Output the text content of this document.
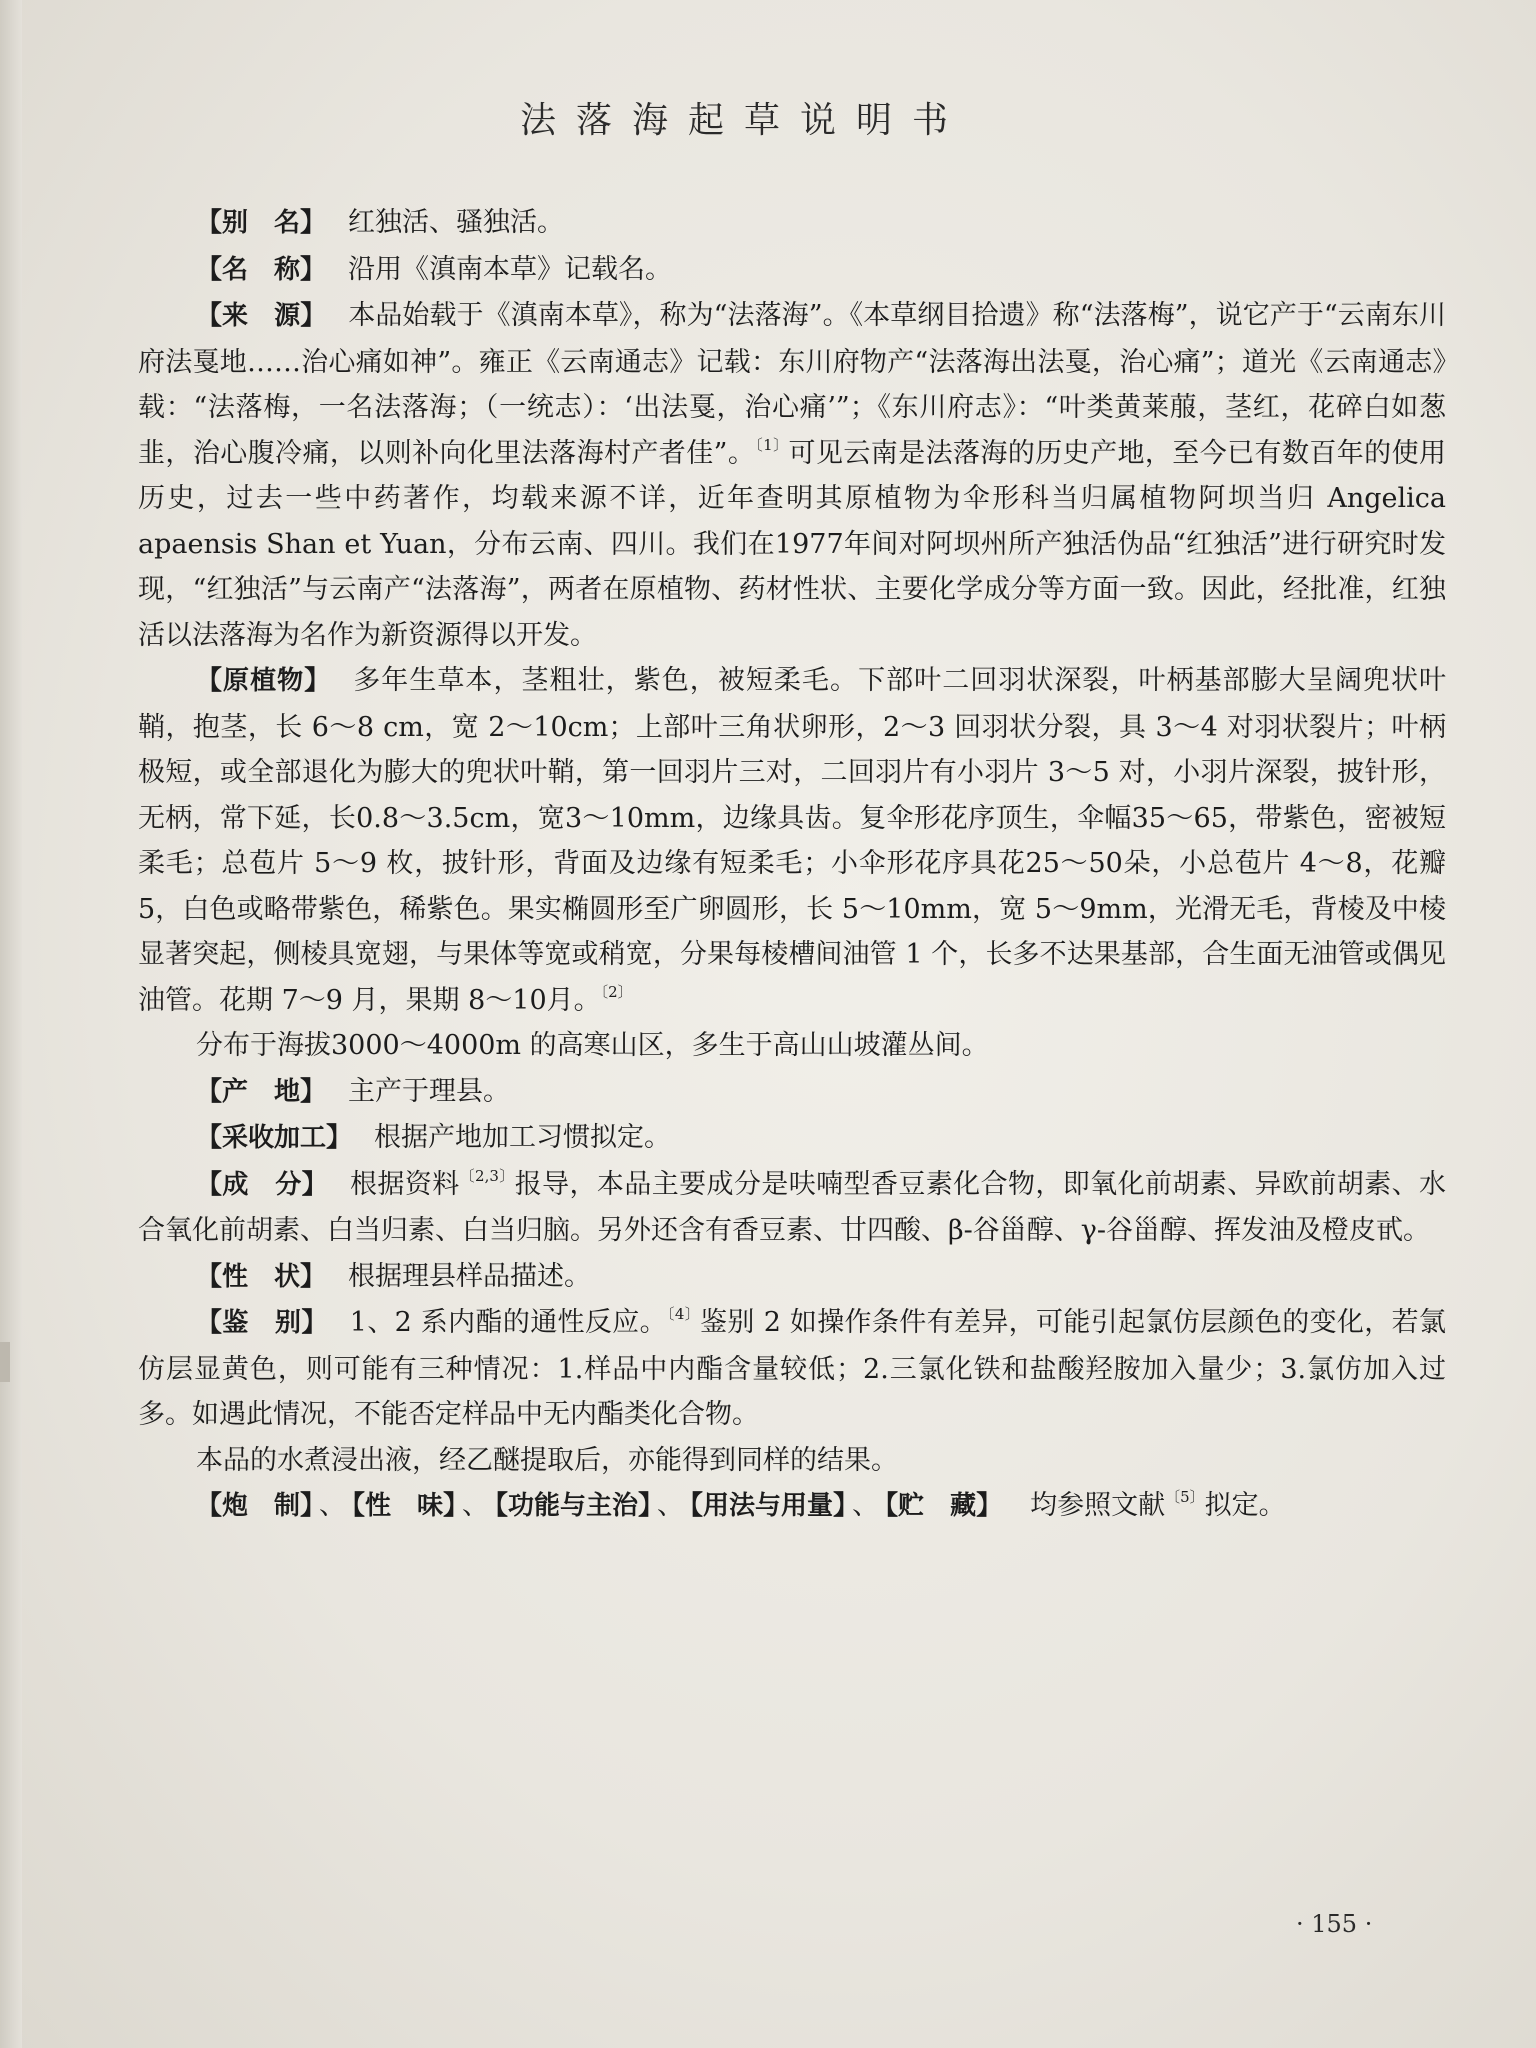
法落海起草说明书

【别　名】 红独活、骚独活。

【名　称】 沿用《滇南本草》记载名。

【来　源】 本品始载于《滇南本草》，称为“法落海”。《本草纲目拾遗》称“法落梅”，说它产于“云南东川府法戛地……治心痛如神”。雍正《云南通志》记载：东川府物产“法落海出法戛，治心痛”；道光《云南通志》载：“法落梅，一名法落海；（一统志）：‘出法戛，治心痛’”；《东川府志》：“叶类黄莱菔，茎红，花碎白如葱韭，治心腹冷痛，以则补向化里法落海村产者佳”。$^{〔1〕}$可见云南是法落海的历史产地，至今已有数百年的使用历史，过去一些中药著作，均载来源不详，近年查明其原植物为伞形科当归属植物阿坝当归 Angelica apaensis Shan et Yuan，分布云南、四川。我们在1977年间对阿坝州所产独活伪品“红独活”进行研究时发现，“红独活”与云南产“法落海”，两者在原植物、药材性状、主要化学成分等方面一致。因此，经批准，红独活以法落海为名作为新资源得以开发。

【原植物】 多年生草本，茎粗壮，紫色，被短柔毛。下部叶二回羽状深裂，叶柄基部膨大呈阔兜状叶鞘，抱茎，长 6～8 cm，宽 2～10cm；上部叶三角状卵形，2～3 回羽状分裂，具 3～4 对羽状裂片；叶柄极短，或全部退化为膨大的兜状叶鞘，第一回羽片三对，二回羽片有小羽片 3～5 对，小羽片深裂，披针形，无柄，常下延，长0.8～3.5cm，宽3～10mm，边缘具齿。复伞形花序顶生，伞幅35～65，带紫色，密被短柔毛；总苞片 5～9 枚，披针形，背面及边缘有短柔毛；小伞形花序具花25～50朵，小总苞片 4～8，花瓣 5，白色或略带紫色，稀紫色。果实椭圆形至广卵圆形，长 5～10mm，宽 5～9mm，光滑无毛，背棱及中棱显著突起，侧棱具宽翅，与果体等宽或稍宽，分果每棱槽间油管 1 个，长多不达果基部，合生面无油管或偶见油管。花期 7～9 月，果期 8～10月。$^{〔2〕}$

分布于海拔3000～4000m 的高寒山区，多生于高山山坡灌丛间。

【产　地】 主产于理县。

【采收加工】 根据产地加工习惯拟定。

【成　分】 根据资料$^{〔2,3〕}$报导，本品主要成分是呋喃型香豆素化合物，即氧化前胡素、异欧前胡素、水合氧化前胡素、白当归素、白当归脑。另外还含有香豆素、廿四酸、β-谷甾醇、γ-谷甾醇、挥发油及橙皮甙。

【性　状】 根据理县样品描述。

【鉴　别】 1、2 系内酯的通性反应。$^{〔4〕}$鉴别 2 如操作条件有差异，可能引起氯仿层颜色的变化，若氯仿层显黄色，则可能有三种情况：1.样品中内酯含量较低；2.三氯化铁和盐酸羟胺加入量少；3.氯仿加入过多。如遇此情况，不能否定样品中无内酯类化合物。

本品的水煮浸出液，经乙醚提取后，亦能得到同样的结果。

【炮　制】 、 【性　味】 、 【功能与主治】 、 【用法与用量】 、 【贮　藏】 均参照文献$^{〔5〕}$拟定。

· 155 ·
